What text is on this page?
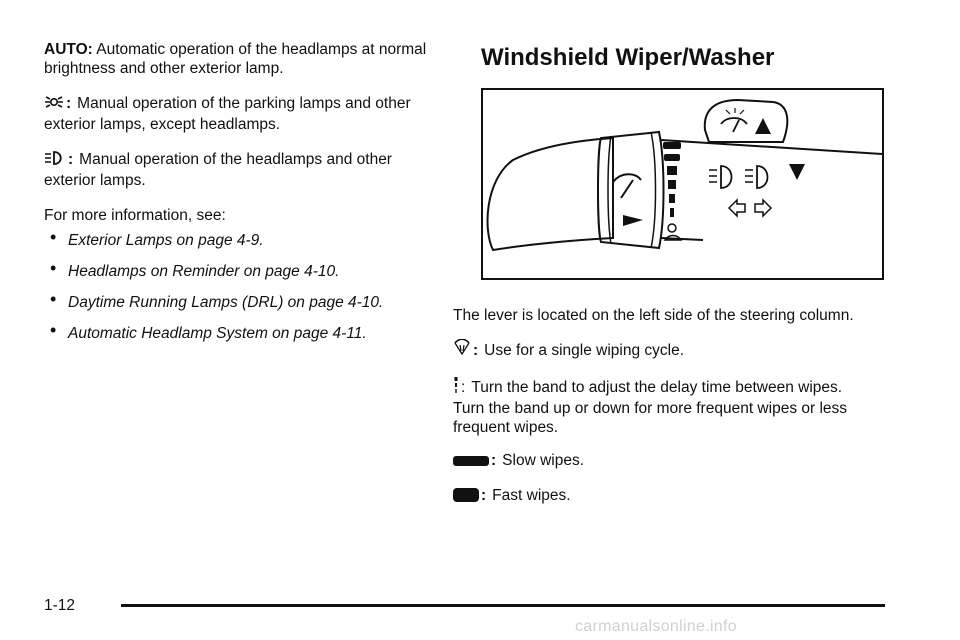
AUTO: Automatic operation of the headlamps at normal brightness and other exterior lamp.

: Manual operation of the parking lamps and other exterior lamps, except headlamps.

: Manual operation of the headlamps and other exterior lamps.

For more information, see:

• Exterior Lamps on page 4-9.
• Headlamps on Reminder on page 4-10.
• Daytime Running Lamps (DRL) on page 4-10.
• Automatic Headlamp System on page 4-11.
Windshield Wiper/Washer

The lever is located on the left side of the steering column.

: Use for a single wiping cycle.

: Turn the band to adjust the delay time between wipes. Turn the band up or down for more frequent wipes or less frequent wipes.

: Slow wipes.

: Fast wipes.

1-12
carmanualsonline.info
